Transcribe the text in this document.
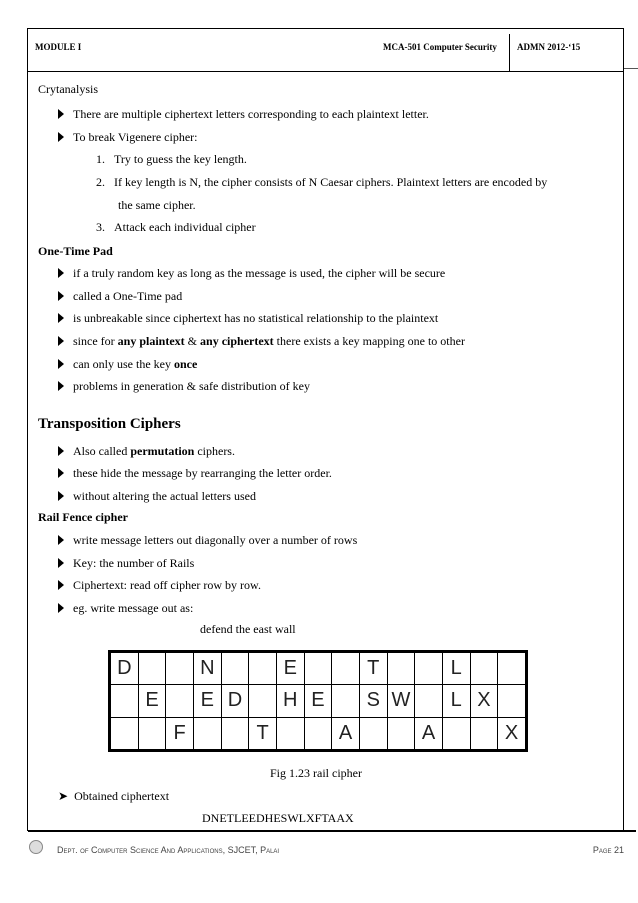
MODULE I	MCA-501 Computer Security ADMN 2012-‘15
Crytanalysis
There are multiple ciphertext letters corresponding to each plaintext letter.
To break Vigenere cipher:
1. Try to guess the key length.
2. If key length is N, the cipher consists of N Caesar ciphers. Plaintext letters are encoded by
the same cipher.
3. Attack each individual cipher
One-Time Pad
if a truly random key as long as the message is used, the cipher will be secure
called a One-Time pad
is unbreakable since ciphertext has no statistical relationship to the plaintext
since for any plaintext & any ciphertext there exists a key mapping one to other
can only use the key once
problems in generation & safe distribution of key
Transposition Ciphers
Also called permutation ciphers.
these hide the message by rearranging the letter order.
without altering the actual letters used
Rail Fence cipher
write message letters out diagonally over a number of rows
Key: the number of Rails
Ciphertext: read off cipher row by row.
eg. write message out as:
defend the east wall
Fig 1.23 rail cipher
➤ Obtained ciphertext
DNETLEEDHESWLXFTAAX
D			N			E			T			L		
	E		E	D		H	E		S	W		L	X	
		F			T			A			A			X
Dept. of Computer Science And Applications, SJCET, Palai	Page 21
